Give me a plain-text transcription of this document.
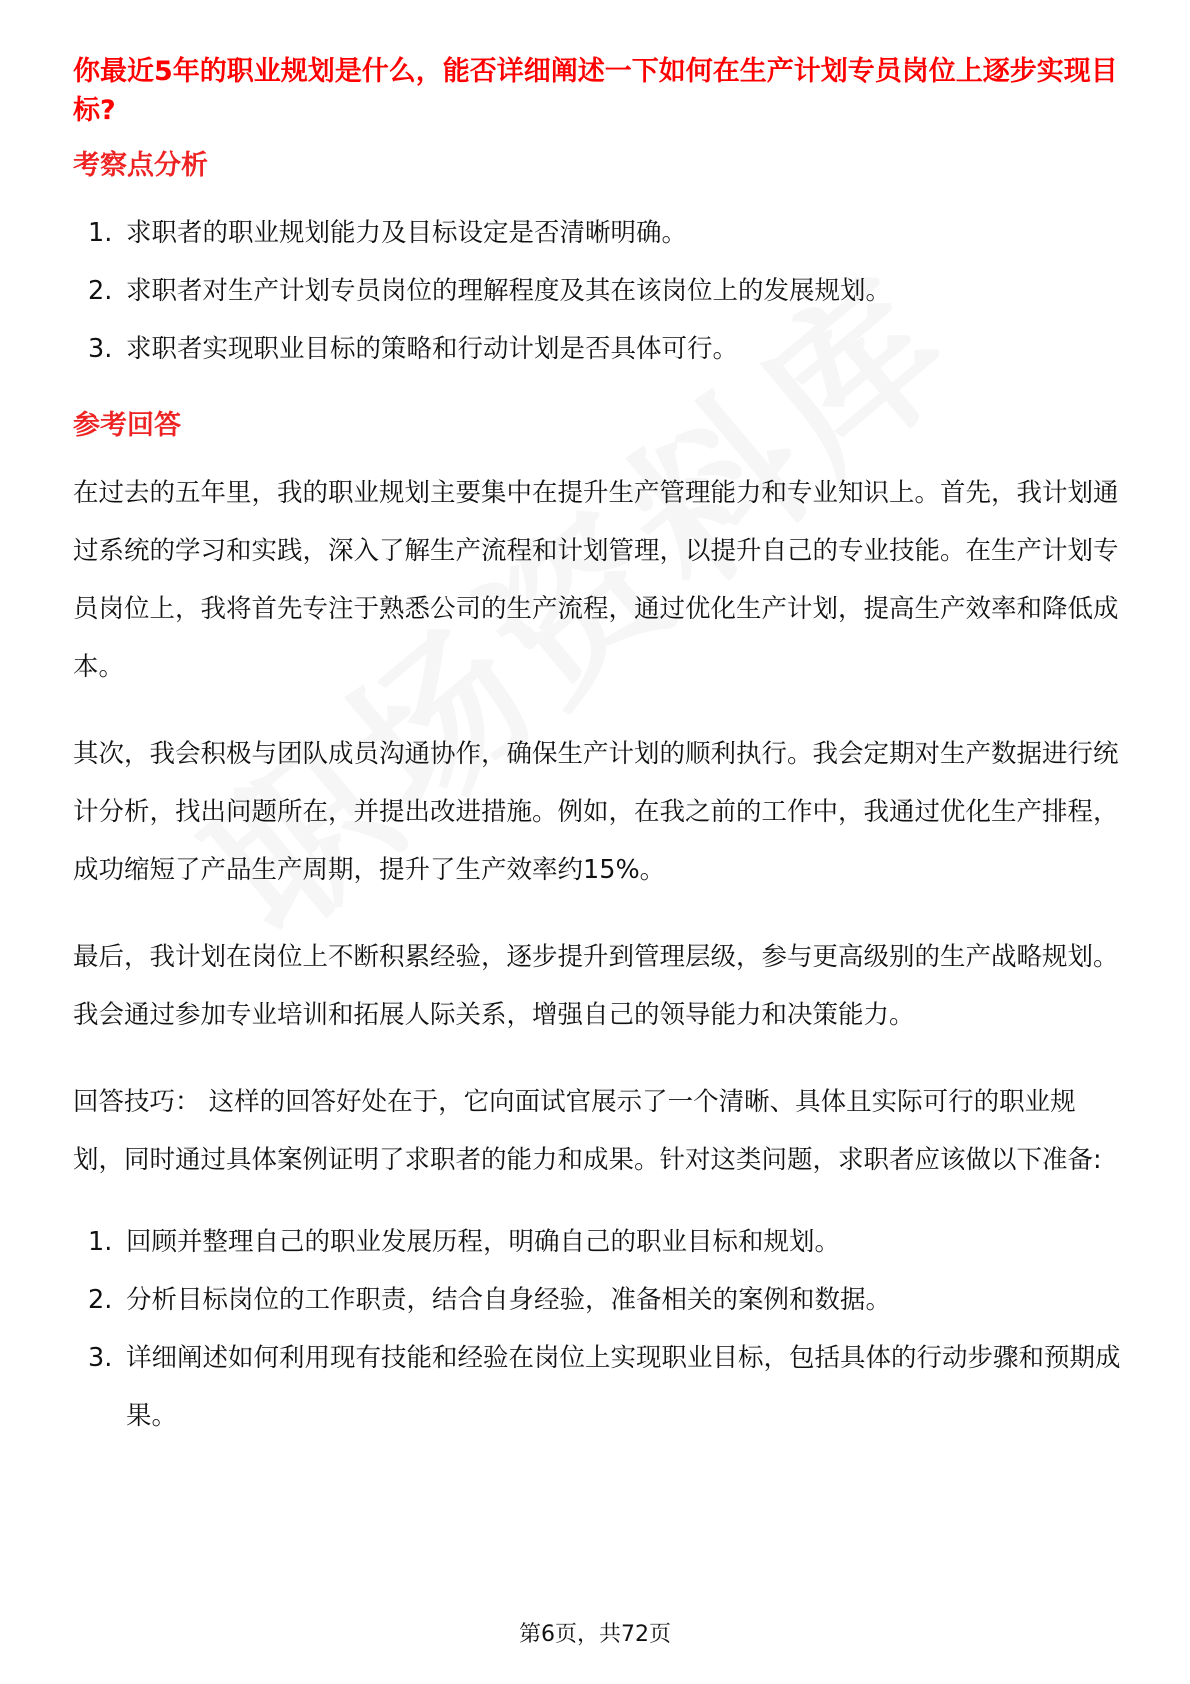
你最近5年的职业规划是什么，能否详细阐述一下如何在生产计划专员岗位上逐步实现目标?
考察点分析
1. 求职者的职业规划能力及目标设定是否清晰明确。
2. 求职者对生产计划专员岗位的理解程度及其在该岗位上的发展规划。
3. 求职者实现职业目标的策略和行动计划是否具体可行。
参考回答

在过去的五年里，我的职业规划主要集中在提升生产管理能力和专业知识上。首先，我计划通过系统的学习和实践，深入了解生产流程和计划管理，以提升自己的专业技能。在生产计划专员岗位上，我将首先专注于熟悉公司的生产流程，通过优化生产计划，提高生产效率和降低成本。

其次，我会积极与团队成员沟通协作，确保生产计划的顺利执行。我会定期对生产数据进行统计分析，找出问题所在，并提出改进措施。例如，在我之前的工作中，我通过优化生产排程，成功缩短了产品生产周期，提升了生产效率约15%。

最后，我计划在岗位上不断积累经验，逐步提升到管理层级，参与更高级别的生产战略规划。我会通过参加专业培训和拓展人际关系，增强自己的领导能力和决策能力。

回答技巧： 这样的回答好处在于，它向面试官展示了一个清晰、具体且实际可行的职业规划，同时通过具体案例证明了求职者的能力和成果。针对这类问题，求职者应该做以下准备:

1. 回顾并整理自己的职业发展历程，明确自己的职业目标和规划。
2. 分析目标岗位的工作职责，结合自身经验，准备相关的案例和数据。
3. 详细阐述如何利用现有技能和经验在岗位上实现职业目标，包括具体的行动步骤和预期成果。
第6页，共72页
